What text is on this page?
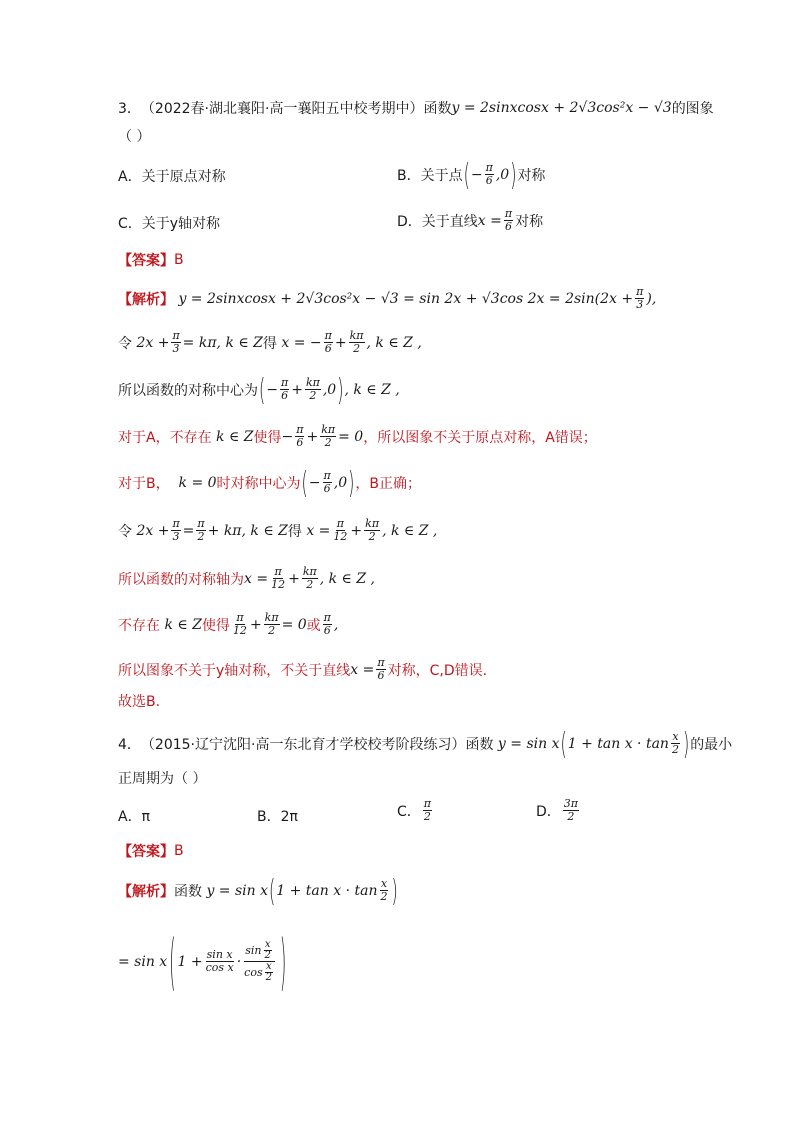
3． （2022春·湖北襄阳·高一襄阳五中校考期中） 函数 y = 2sinxcosx + 2√3cos²x − √3 的图象
（ ）
A．关于原点对称	B．关于点 ( − $\frac{\pi}{6} ,0$ ) 对称
C．关于y轴对称	D．关于直线 $x = \frac{\pi}{6}$ 对称
【答案】 B
【解析】 y = 2sinxcosx + 2√3cos²x − √3 = sin 2x + √3cos $2x = 2\sin(2x + \frac{\pi}{3}$ ),
令 $2x + \frac{\pi}{3} = k\pi$, k ∈ Z 得 x = − $\frac{\pi}{6} + \frac{k\pi}{2}$ , k ∈ Z ,
所以函数的对称中心为 ( − $\frac{\pi}{6} + \frac{k\pi}{2} ,0$ ) , k ∈ Z ,
对于A，不存在 k ∈ Z 使得 − $\frac{\pi}{6} + \frac{k\pi}{2} = 0$ ，所以图象不关于原点对称，A错误；
对于B， k = 0 时对称中心为 ( − $\frac{\pi}{6} ,0$ ) ，B正确；
令 $2x + \frac{\pi}{3} = \frac{\pi}{2} + k\pi$, k ∈ Z 得 $x = \frac{\pi}{12} + \frac{k\pi}{2}$ , k ∈ Z ,
所以函数的对称轴为 $x = \frac{\pi}{12} + \frac{k\pi}{2}$ , k ∈ Z ,
不存在 k ∈ Z 使得 $\frac{\pi}{12} + \frac{k\pi}{2} = 0$ 或 $\frac{\pi}{6}$ ,
所以图象不关于y轴对称，不关于直线 $x = \frac{\pi}{6}$ 对称，C,D错误.
故选B.
4． （2015·辽宁沈阳·高一东北育才学校校考阶段练习） 函数 y = sin x ( $1 + \tan x \cdot \tan \frac{x}{2}$ ) 的最小
正周期为（ ）
A．π	B．2π	C． $\frac{\pi}{2}$	D． $\frac{3\pi}{2}$
【答案】 B
【解析】 函数 y = sin x ( $1 + \tan x \cdot \tan \frac{x}{2}$ )
= sin x ( $1 + \frac{\text{sin x}}{\text{cos x}}$ ·
$\sin \frac{x}{2}$
$\cos \frac{x}{2}$ )
